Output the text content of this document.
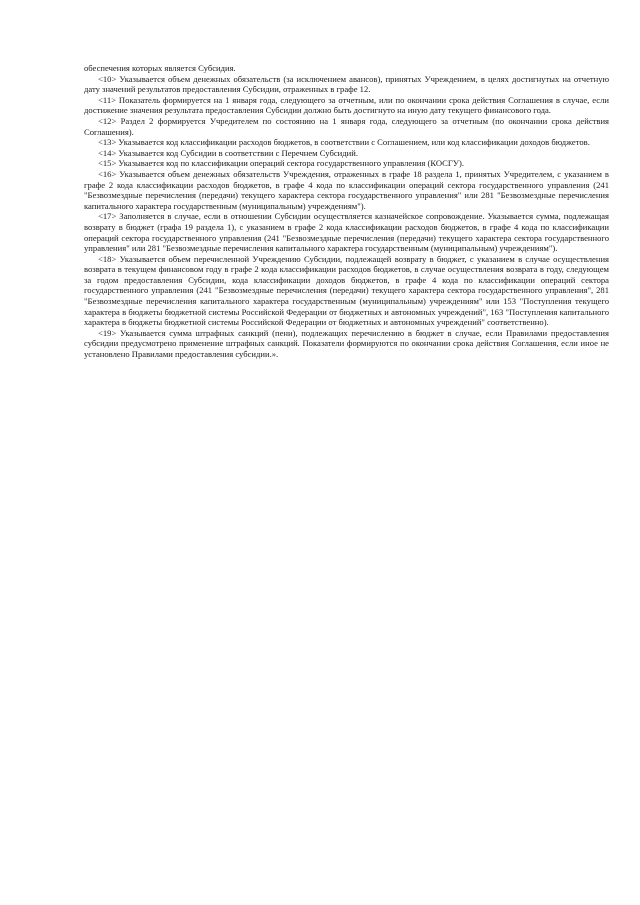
обеспечения которых является Субсидия.

<10> Указывается объем денежных обязательств (за исключением авансов), принятых Учреждением, в целях достигнутых на отчетную дату значений результатов предоставления Субсидии, отраженных в графе 12.

<11> Показатель формируется на 1 января года, следующего за отчетным, или по окончании срока действия Соглашения в случае, если достижение значения результата предоставления Субсидии должно быть достигнуто на иную дату текущего финансового года.

<12> Раздел 2 формируется Учредителем по состоянию на 1 января года, следующего за отчетным (по окончании срока действия Соглашения).

<13> Указывается код классификации расходов бюджетов, в соответствии с Соглашением, или код классификации доходов бюджетов.

<14> Указывается код Субсидии в соответствии с Перечнем Субсидий.

<15> Указывается код по классификации операций сектора государственного управления (КОСГУ).

<16> Указывается объем денежных обязательств Учреждения, отраженных в графе 18 раздела 1, принятых Учредителем, с указанием в графе 2 кода классификации расходов бюджетов, в графе 4 кода по классификации операций сектора государственного управления (241 "Безвозмездные перечисления (передачи) текущего характера сектора государственного управления" или 281 "Безвозмездные перечисления капитального характера государственным (муниципальным) учреждениям").

<17> Заполняется в случае, если в отношении Субсидии осуществляется казначейское сопровождение. Указывается сумма, подлежащая возврату в бюджет (графа 19 раздела 1), с указанием в графе 2 кода классификации расходов бюджетов, в графе 4 кода по классификации операций сектора государственного управления (241 "Безвозмездные перечисления (передачи) текущего характера сектора государственного управления" или 281 "Безвозмездные перечисления капитального характера государственным (муниципальным) учреждениям").

<18> Указывается объем перечисленной Учреждению Субсидии, подлежащей возврату в бюджет, с указанием в случае осуществления возврата в текущем финансовом году в графе 2 кода классификации расходов бюджетов, в случае осуществления возврата в году, следующем за годом предоставления Субсидии, кода классификации доходов бюджетов, в графе 4 кода по классификации операций сектора государственного управления (241 "Безвозмездные перечисления (передачи) текущего характера сектора государственного управления", 281 "Безвозмездные перечисления капитального характера государственным (муниципальным) учреждениям" или 153 "Поступления текущего характера в бюджеты бюджетной системы Российской Федерации от бюджетных и автономных учреждений", 163 "Поступления капитального характера в бюджеты бюджетной системы Российской Федерации от бюджетных и автономных учреждений" соответственно).

<19> Указывается сумма штрафных санкций (пени), подлежащих перечислению в бюджет в случае, если Правилами предоставления субсидии предусмотрено применение штрафных санкций. Показатели формируются по окончании срока действия Соглашения, если иное не установлено Правилами предоставления субсидии.».
